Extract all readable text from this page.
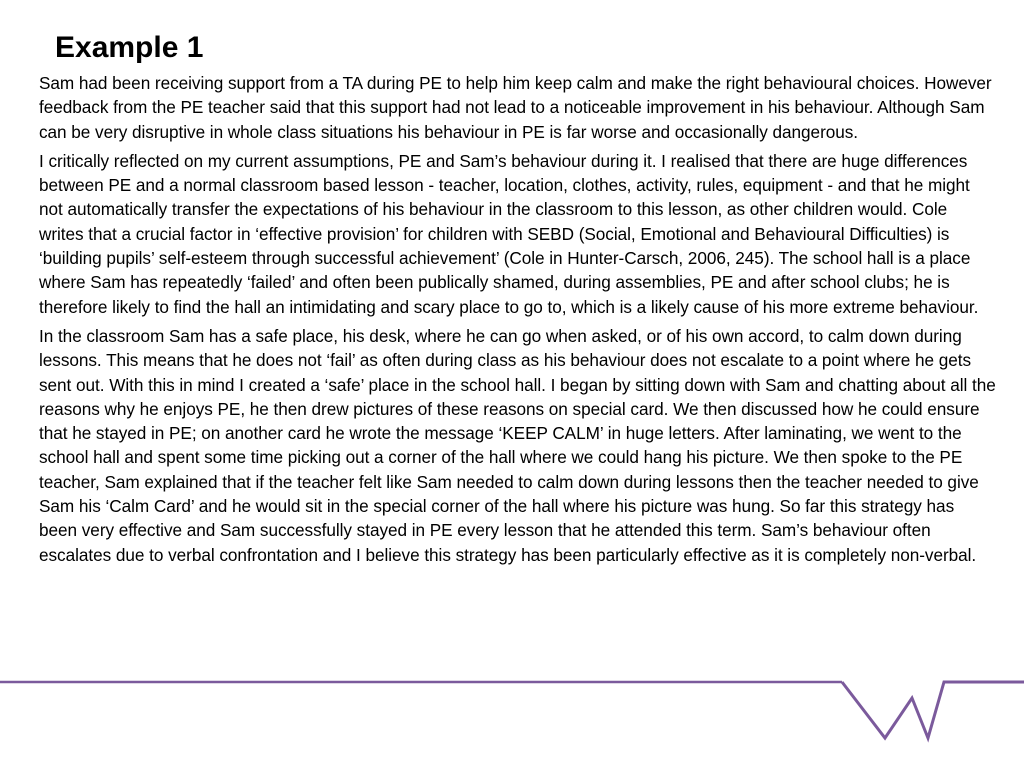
Example 1

Sam had been receiving support from a TA during PE to help him keep calm and make the right behavioural choices. However feedback from the PE teacher said that this support had not lead to a noticeable improvement in his behaviour. Although Sam can be very disruptive in whole class situations his behaviour in PE is far worse and occasionally dangerous.

I critically reflected on my current assumptions, PE and Sam’s behaviour during it. I realised that there are huge differences between PE and a normal classroom based lesson - teacher, location, clothes, activity, rules, equipment - and that he might not automatically transfer the expectations of his behaviour in the classroom to this lesson, as other children would. Cole writes that a crucial factor in ‘effective provision’ for children with SEBD (Social, Emotional and Behavioural Difficulties) is ‘building pupils’ self-esteem through successful achievement’ (Cole in Hunter-Carsch, 2006, 245). The school hall is a place where Sam has repeatedly ‘failed’ and often been publically shamed, during assemblies, PE and after school clubs; he is therefore likely to find the hall an intimidating and scary place to go to, which is a likely cause of his more extreme behaviour.

In the classroom Sam has a safe place, his desk, where he can go when asked, or of his own accord, to calm down during lessons. This means that he does not ‘fail’ as often during class as his behaviour does not escalate to a point where he gets sent out. With this in mind I created a ‘safe’ place in the school hall. I began by sitting down with Sam and chatting about all the reasons why he enjoys PE, he then drew pictures of these reasons on special card. We then discussed how he could ensure that he stayed in PE; on another card he wrote the message ‘KEEP CALM’ in huge letters. After laminating, we went to the school hall and spent some time picking out a corner of the hall where we could hang his picture. We then spoke to the PE teacher, Sam explained that if the teacher felt like Sam needed to calm down during lessons then the teacher needed to give Sam his ‘Calm Card’ and he would sit in the special corner of the hall where his picture was hung. So far this strategy has been very effective and Sam successfully stayed in PE every lesson that he attended this term. Sam’s behaviour often escalates due to verbal confrontation and I believe this strategy has been particularly effective as it is completely non-verbal.
